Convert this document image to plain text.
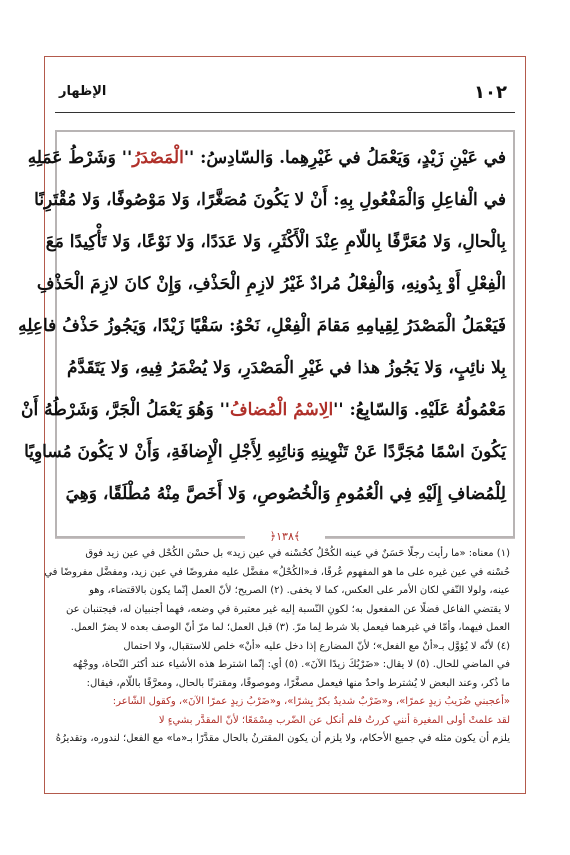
١٠٢
الإظهار
في عَيْنِ زَيْدٍ، وَيَعْمَلُ في غَيْرِهِما. وَالسّادِسُ: ''الْمَصْدَرُ'' وَشَرْطُ عَمَلِهِ
في الْفاعِلِ وَالْمَفْعُولِ بِهِ: أَنْ لا يَكُونَ مُصَغَّرًا، وَلا مَوْصُوفًا، وَلا مُقْتَرِنًا
بِالْحالِ، وَلا مُعَرَّفًا بِاللّامِ عِنْدَ الْأَكْثَرِ، وَلا عَدَدًا، وَلا نَوْعًا، وَلا تَأْكِيدًا مَعَ
الْفِعْلِ أَوْ بِدُونِهِ، وَالْفِعْلُ مُرادٌ غَيْرُ لازِمِ الْحَذْفِ، وَإِنْ كانَ لازِمَ الْحَذْفِ
فَيَعْمَلُ الْمَصْدَرُ لِقِيامِهِ مَقامَ الْفِعْلِ، نَحْوُ: سَقْيًا زَيْدًا، وَيَجُوزُ حَذْفُ فاعِلِهِ
بِلا نائِبٍ، وَلا يَجُوزُ هذا في غَيْرِ الْمَصْدَرِ، وَلا يُضْمَرُ فِيهِ، وَلا يَتَقَدَّمُ
مَعْمُولُهُ عَلَيْهِ. وَالسّابِعُ: ''الِاسْمُ الْمُضافُ'' وَهُوَ يَعْمَلُ الْجَرَّ، وَشَرْطُهُ أَنْ
يَكُونَ اسْمًا مُجَرَّدًا عَنْ تَنْوِينِهِ وَنائِبِهِ لِأَجْلِ الْإِضافَةِ، وَأَنْ لا يَكُونَ مُساوِيًا
لِلْمُضافِ إِلَيْهِ فِي الْعُمُومِ وَالْخُصُوصِ، وَلا أَخَصَّ مِنْهُ مُطْلَقًا، وَهِيَ
﴿١٣٨﴾
(١) معناه: «ما رأيت رجلًا حَسَنٌ في عينه الكُحْلُ كحُسْنه في عين زيد» بل حسْن الكُحْل في عين زيد فوق
حُسْنه في عين غيره على ما هو المفهوم عُرفًا، فـ«الكُحْلُ» مفضَّل عليه مفروضًا في عين زيد، ومفضَّل مفروضًا في
عينه، ولولا النّفي لكان الأمر على العكس، كما لا يخفى. (٢) الصريح؛ لأنّ العمل إنّما يكون بالاقتضاء، وهو
لا يقتضي الفاعل فضلًا عن المفعول به؛ لكونِ النّسبة إليه غير معتبرة في وضعه، فهما أجنبيان له، فيجتنبان عن
العمل فيهما، وأمّا في غيرهما فيعمل بلا شرط لِما مرّ. (٣) قبل العمل؛ لما مرّ أنّ الوصف بعده لا يضرّ العمل.
(٤) لأنّه لا يُؤوَّل بـ«أنْ مع الفعل»؛ لأنّ المضارع إذا دخل عليه «أنْ» خلص للاستقبال، ولا احتمال
في الماضي للحال. (٥) لا يقال: «ضَرْبُكَ زيدًا الآنَ». (٥) أي: إنّما اشترط هذه الأشياء عند أكثر النّحاة، ووجْهُه
ما ذُكر، وعند البعض لا يُشترط واحدٌ منها فيعمل مصغَّرًا، وموصوفًا، ومقترنًا بالحال، ومعرَّفًا باللّام، فيقال:
«أعجبني ضُرَيبُ زيدٍ عمرًا»، و«ضَرْبٌ شديدٌ بكرٌ بِشرًا»، و«ضَرْبُ زيدٍ عمرًا الآنَ»، وكقول الشّاعر:
لقد علمتْ أولى المغيرة أنني كررتُ فلم أنكل عن الضّرب مِسْمَعًا؛ لأنّ المقدَّر بشيءٍ لا
يلزم أن يكون مثله في جميع الأحكام، ولا يلزم أن يكون المقترنُ بالحال مقدَّرًا بـ«ما» مع الفعل؛ لندوره، وتقديرُهُ
